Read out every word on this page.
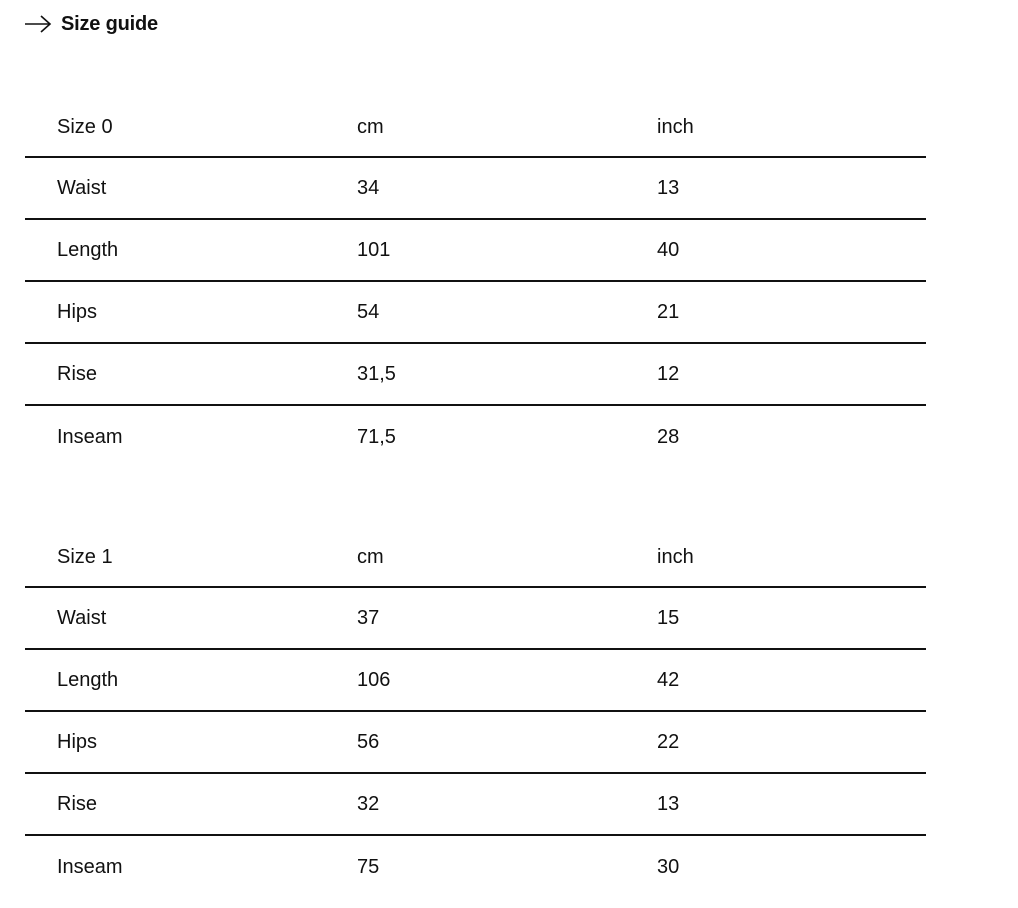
Size guide
Size 0	cm	inch
Waist	34	13
Length	101	40
Hips	54	21
Rise	31,5	12
Inseam	71,5	28
Size 1	cm	inch
Waist	37	15
Length	106	42
Hips	56	22
Rise	32	13
Inseam	75	30
